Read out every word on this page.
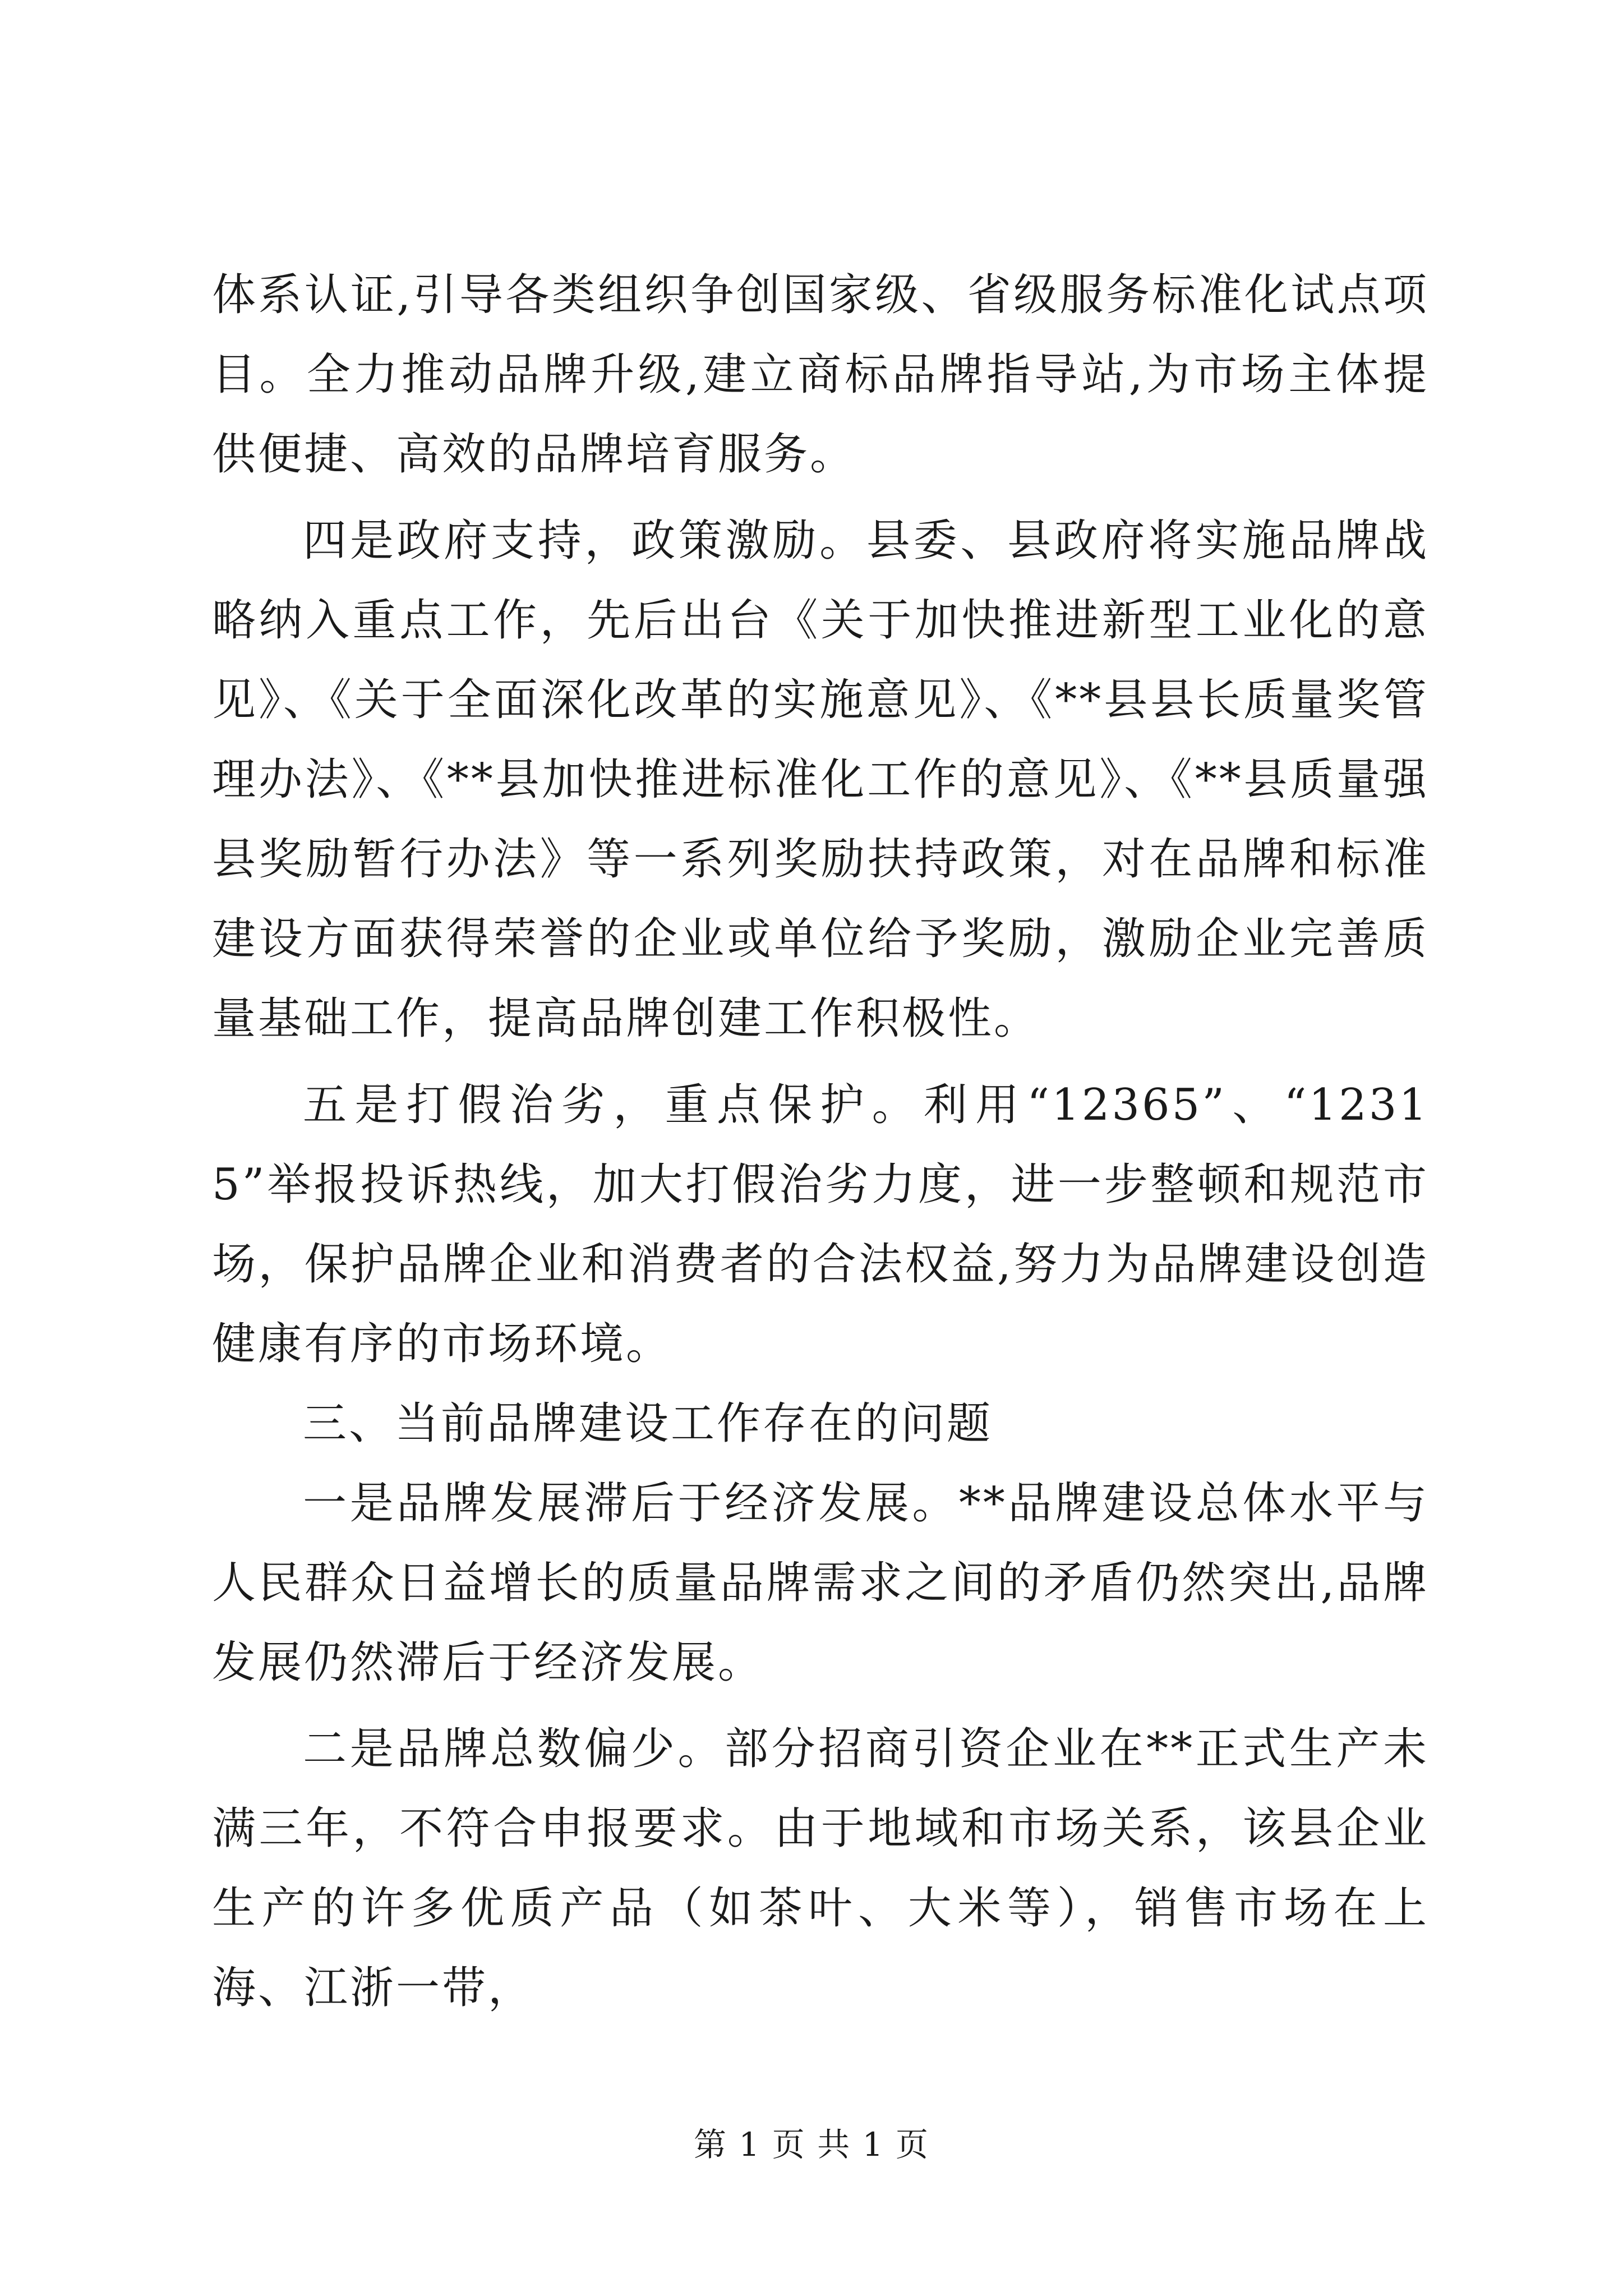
体系认证,引导各类组织争创国家级、省级服务标准化试点项目。全力推动品牌升级,建立商标品牌指导站,为市场主体提供便捷、高效的品牌培育服务。

四是政府支持，政策激励。县委、县政府将实施品牌战略纳入重点工作，先后出台《关于加快推进新型工业化的意见》、《关于全面深化改革的实施意见》、《**县县长质量奖管理办法》、《**县加快推进标准化工作的意见》、《**县质量强县奖励暂行办法》等一系列奖励扶持政策，对在品牌和标准建设方面获得荣誉的企业或单位给予奖励，激励企业完善质量基础工作，提高品牌创建工作积极性。

五是打假治劣，重点保护。利用“12365”、“12315”举报投诉热线，加大打假治劣力度，进一步整顿和规范市场，保护品牌企业和消费者的合法权益,努力为品牌建设创造健康有序的市场环境。

三、当前品牌建设工作存在的问题

一是品牌发展滞后于经济发展。**品牌建设总体水平与人民群众日益增长的质量品牌需求之间的矛盾仍然突出,品牌发展仍然滞后于经济发展。

二是品牌总数偏少。部分招商引资企业在**正式生产未满三年，不符合申报要求。由于地域和市场关系，该县企业生产的许多优质产品（如茶叶、大米等），销售市场在上海、江浙一带，

第 1 页 共 1 页
